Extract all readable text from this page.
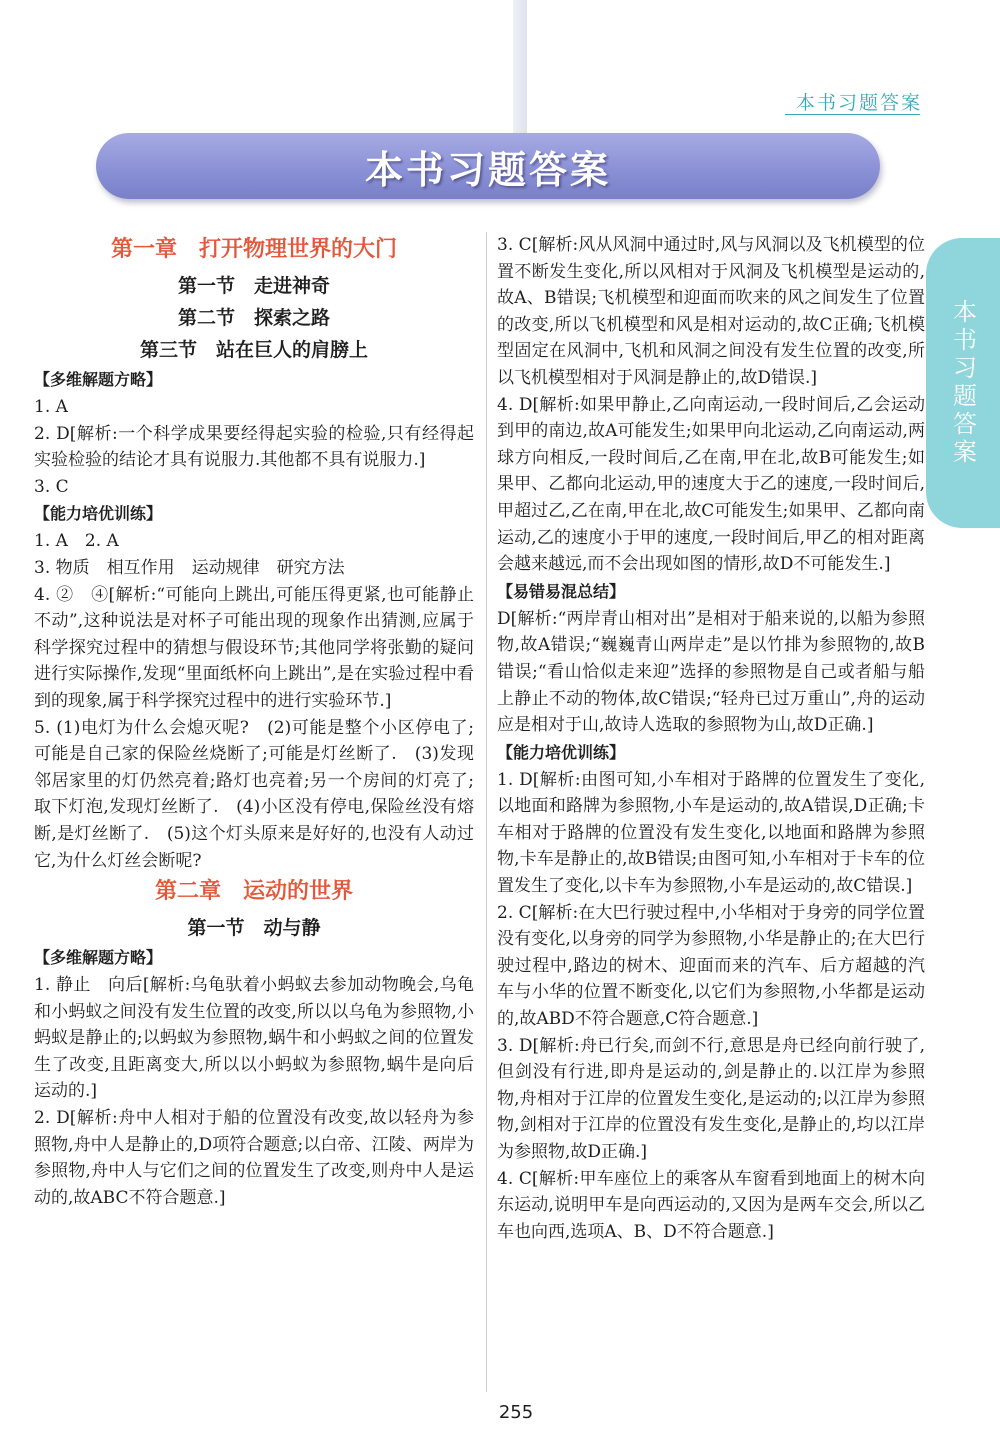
本书习题答案
本书习题答案
本书习题答案
第一章　打开物理世界的大门
第一节　走进神奇
第二节　探索之路
第三节　站在巨人的肩膀上
【多维解题方略】

1. A

2. D[解析:一个科学成果要经得起实验的检验,只有经得起实验检验的结论才具有说服力.其他都不具有说服力.]

3. C

【能力培优训练】

1. A　2. A

3. 物质　相互作用　运动规律　研究方法

4. ②　④[解析:“可能向上跳出,可能压得更紧,也可能静止不动”,这种说法是对杯子可能出现的现象作出猜测,应属于科学探究过程中的猜想与假设环节;其他同学将张勤的疑问进行实际操作,发现“里面纸杯向上跳出”,是在实验过程中看到的现象,属于科学探究过程中的进行实验环节.]

5. (1)电灯为什么会熄灭呢?　(2)可能是整个小区停电了;可能是自己家的保险丝烧断了;可能是灯丝断了.　(3)发现邻居家里的灯仍然亮着;路灯也亮着;另一个房间的灯亮了;取下灯泡,发现灯丝断了.　(4)小区没有停电,保险丝没有熔断,是灯丝断了.　(5)这个灯头原来是好好的,也没有人动过它,为什么灯丝会断呢?

第二章　运动的世界
第一节　动与静
【多维解题方略】

1. 静止　向后[解析:乌龟驮着小蚂蚁去参加动物晚会,乌龟和小蚂蚁之间没有发生位置的改变,所以以乌龟为参照物,小蚂蚁是静止的;以蚂蚁为参照物,蜗牛和小蚂蚁之间的位置发生了改变,且距离变大,所以以小蚂蚁为参照物,蜗牛是向后运动的.]

2. D[解析:舟中人相对于船的位置没有改变,故以轻舟为参照物,舟中人是静止的,D项符合题意;以白帝、江陵、两岸为参照物,舟中人与它们之间的位置发生了改变,则舟中人是运动的,故ABC不符合题意.]

3. C[解析:风从风洞中通过时,风与风洞以及飞机模型的位置不断发生变化,所以风相对于风洞及飞机模型是运动的,故A、B错误;飞机模型和迎面而吹来的风之间发生了位置的改变,所以飞机模型和风是相对运动的,故C正确;飞机模型固定在风洞中,飞机和风洞之间没有发生位置的改变,所以飞机模型相对于风洞是静止的,故D错误.]

4. D[解析:如果甲静止,乙向南运动,一段时间后,乙会运动到甲的南边,故A可能发生;如果甲向北运动,乙向南运动,两球方向相反,一段时间后,乙在南,甲在北,故B可能发生;如果甲、乙都向北运动,甲的速度大于乙的速度,一段时间后,甲超过乙,乙在南,甲在北,故C可能发生;如果甲、乙都向南运动,乙的速度小于甲的速度,一段时间后,甲乙的相对距离会越来越远,而不会出现如图的情形,故D不可能发生.]

【易错易混总结】

D[解析:“两岸青山相对出”是相对于船来说的,以船为参照物,故A错误;“巍巍青山两岸走”是以竹排为参照物的,故B错误;“看山恰似走来迎”选择的参照物是自己或者船与船上静止不动的物体,故C错误;“轻舟已过万重山”,舟的运动应是相对于山,故诗人选取的参照物为山,故D正确.]

【能力培优训练】

1. D[解析:由图可知,小车相对于路牌的位置发生了变化,以地面和路牌为参照物,小车是运动的,故A错误,D正确;卡车相对于路牌的位置没有发生变化,以地面和路牌为参照物,卡车是静止的,故B错误;由图可知,小车相对于卡车的位置发生了变化,以卡车为参照物,小车是运动的,故C错误.]

2. C[解析:在大巴行驶过程中,小华相对于身旁的同学位置没有变化,以身旁的同学为参照物,小华是静止的;在大巴行驶过程中,路边的树木、迎面而来的汽车、后方超越的汽车与小华的位置不断变化,以它们为参照物,小华都是运动的,故ABD不符合题意,C符合题意.]

3. D[解析:舟已行矣,而剑不行,意思是舟已经向前行驶了,但剑没有行进,即舟是运动的,剑是静止的.以江岸为参照物,舟相对于江岸的位置发生变化,是运动的;以江岸为参照物,剑相对于江岸的位置没有发生变化,是静止的,均以江岸为参照物,故D正确.]

4. C[解析:甲车座位上的乘客从车窗看到地面上的树木向东运动,说明甲车是向西运动的,又因为是两车交会,所以乙车也向西,选项A、B、D不符合题意.]

255
